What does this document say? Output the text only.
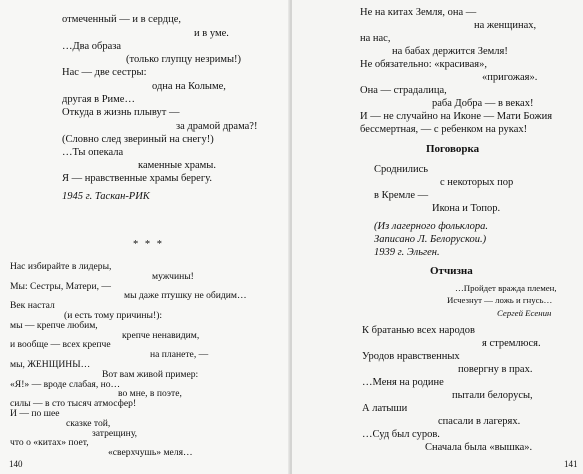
отмеченный — и в сердце,
и в уме.
…Два образа
(только глупцу незримы!)
Нас — две сестры:
одна на Колыме,
другая в Риме…
Откуда в жизнь плывут —
за драмой драма?!
(Словно след звериный на снегу!)
…Ты опекала
каменные храмы.
Я — нравственные храмы берегу.
1945 г. Таскан-РИК
* * *
140
Нас избирайте в лидеры,
мужчины!
Мы: Сестры, Матери, —
мы даже птушку не обидим…
Век настал
(и есть тому причины!):
мы — крепче любим,
крепче ненавидим,
и вообще — всех крепче
на планете, —
мы, ЖЕНЩИНЫ…
Вот вам живой пример:
«Я!» — вроде слабая, но…
во мне, в поэте,
силы — в сто тысяч атмосфер!
И — по шее
сказке той,
затрещину,
что о «китах» поет,
«сверхчушь» меля…
Не на китах Земля, она —
на женщинах,
на нас,
на бабах держится Земля!
Не обязательно: «красивая»,
«пригожая».
Она — страдалица,
раба Добра — в веках!
И — не случайно на Иконе — Мати Божия
бессмертная, — с ребенком на руках!
Поговорка
Сроднились
с некоторых пор
в Кремле —
Икона и Топор.
(Из лагерного фольклора.
Записано Л. Белорускои.)
1939 г. Эльген.
Отчизна
…Пройдет вражда племен,
Исчезнут — ложь и гнусь…
Сергей Есенин
К братанью всех народов
я стремлюся.
Уродов нравственных
повергну в прах.
…Меня на родине
пытали белорусы,
А латыши
спасали в лагерях.
…Суд был суров.
Сначала была «вышка».
141
